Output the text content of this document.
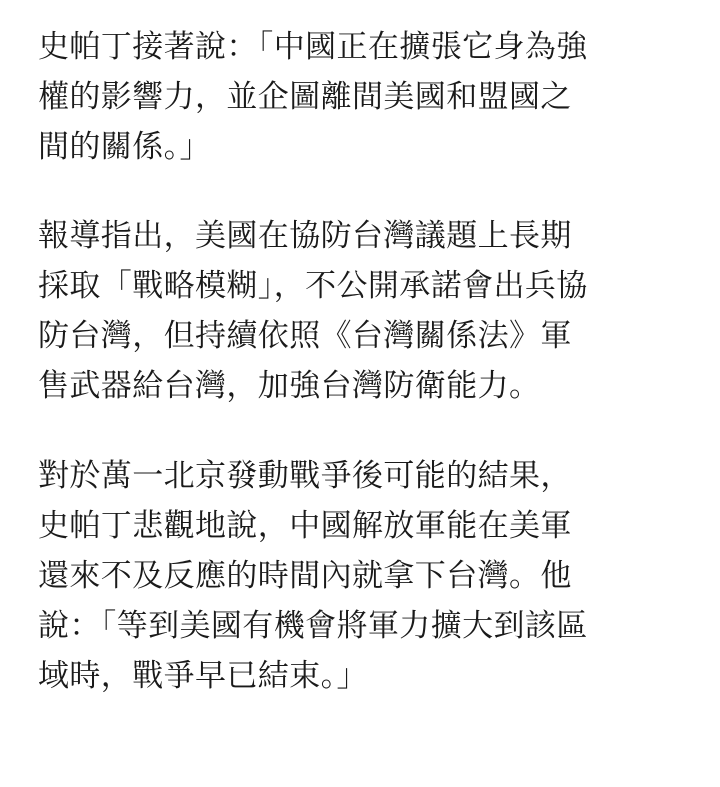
史帕丁接著說：「中國正在擴張它身為強
權的影響力，並企圖離間美國和盟國之
間的關係。」
報導指出，美國在協防台灣議題上長期
採取「戰略模糊」，不公開承諾會出兵協
防台灣，但持續依照《台灣關係法》軍
售武器給台灣，加強台灣防衛能力。
對於萬一北京發動戰爭後可能的結果，
史帕丁悲觀地說，中國解放軍能在美軍
還來不及反應的時間內就拿下台灣。他
說：「等到美國有機會將軍力擴大到該區
域時，戰爭早已結束。」
